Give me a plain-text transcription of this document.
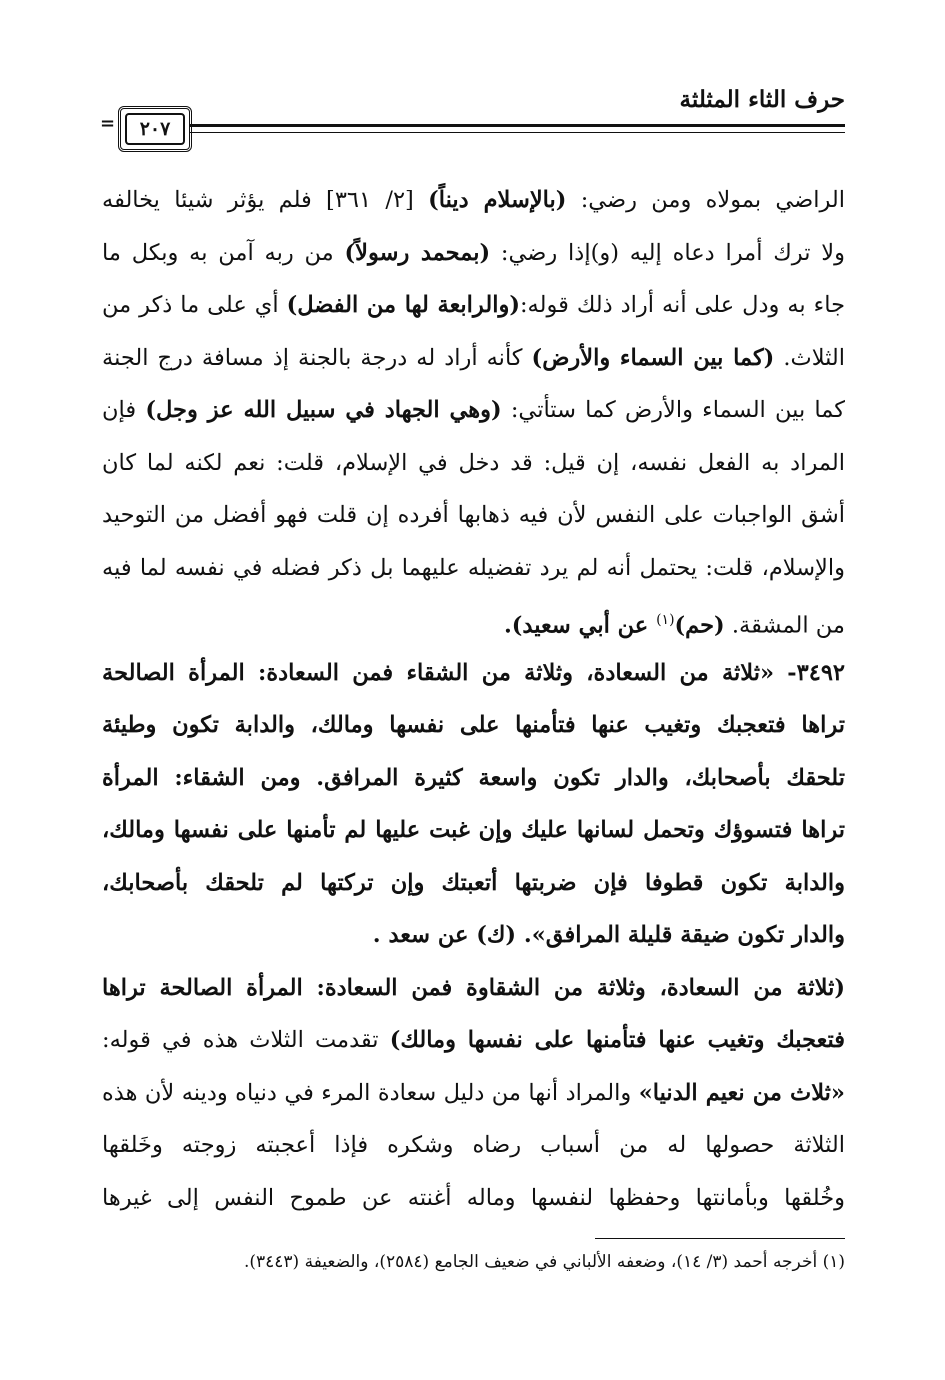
حرف الثاء المثلثة
٢٠٧
=
الراضي بمولاه ومن رضي: (بالإسلام ديناً) [٢/ ٣٦١] فلم يؤثر شيئا يخالفه
ولا ترك أمرا دعاه إليه (و)إذا رضي: (بمحمد رسولاً) من ربه آمن به وبكل ما
جاء به ودل على أنه أراد ذلك قوله:(والرابعة لها من الفضل) أي على ما ذكر من
الثلاث. (كما بين السماء والأرض) كأنه أراد له درجة بالجنة إذ مسافة درج الجنة
كما بين السماء والأرض كما ستأتي: (وهي الجهاد في سبيل الله عز وجل) فإن
المراد به الفعل نفسه، إن قيل: قد دخل في الإسلام، قلت: نعم لكنه لما كان
أشق الواجبات على النفس لأن فيه ذهابها أفرده إن قلت فهو أفضل من التوحيد
والإسلام، قلت: يحتمل أنه لم يرد تفضيله عليهما بل ذكر فضله في نفسه لما فيه
من المشقة. (حم)$^{(١)}$ عن أبي سعيد).
٣٤٩٢- «ثلاثة من السعادة، وثلاثة من الشقاء فمن السعادة: المرأة الصالحة
تراها فتعجبك وتغيب عنها فتأمنها على نفسها ومالك، والدابة تكون وطيئة
تلحقك بأصحابك، والدار تكون واسعة كثيرة المرافق. ومن الشقاء: المرأة
تراها فتسوؤك وتحمل لسانها عليك وإن غبت عليها لم تأمنها على نفسها ومالك،
والدابة تكون قطوفا فإن ضربتها أتعبتك وإن تركتها لم تلحقك بأصحابك،
والدار تكون ضيقة قليلة المرافق». (ك) عن سعد .
(ثلاثة من السعادة، وثلاثة من الشقاوة فمن السعادة: المرأة الصالحة تراها
فتعجبك وتغيب عنها فتأمنها على نفسها ومالك) تقدمت الثلاث هذه في قوله:
«ثلاث من نعيم الدنيا» والمراد أنها من دليل سعادة المرء في دنياه ودينه لأن هذه
الثلاثة حصولها له من أسباب رضاه وشكره فإذا أعجبته زوجته وخَلقها
وخُلقها وبأمانتها وحفظها لنفسها وماله أغنته عن طموح النفس إلى غيرها
(١) أخرجه أحمد (٣/ ١٤)، وضعفه الألباني في ضعيف الجامع (٢٥٨٤)، والضعيفة (٣٤٤٣).
